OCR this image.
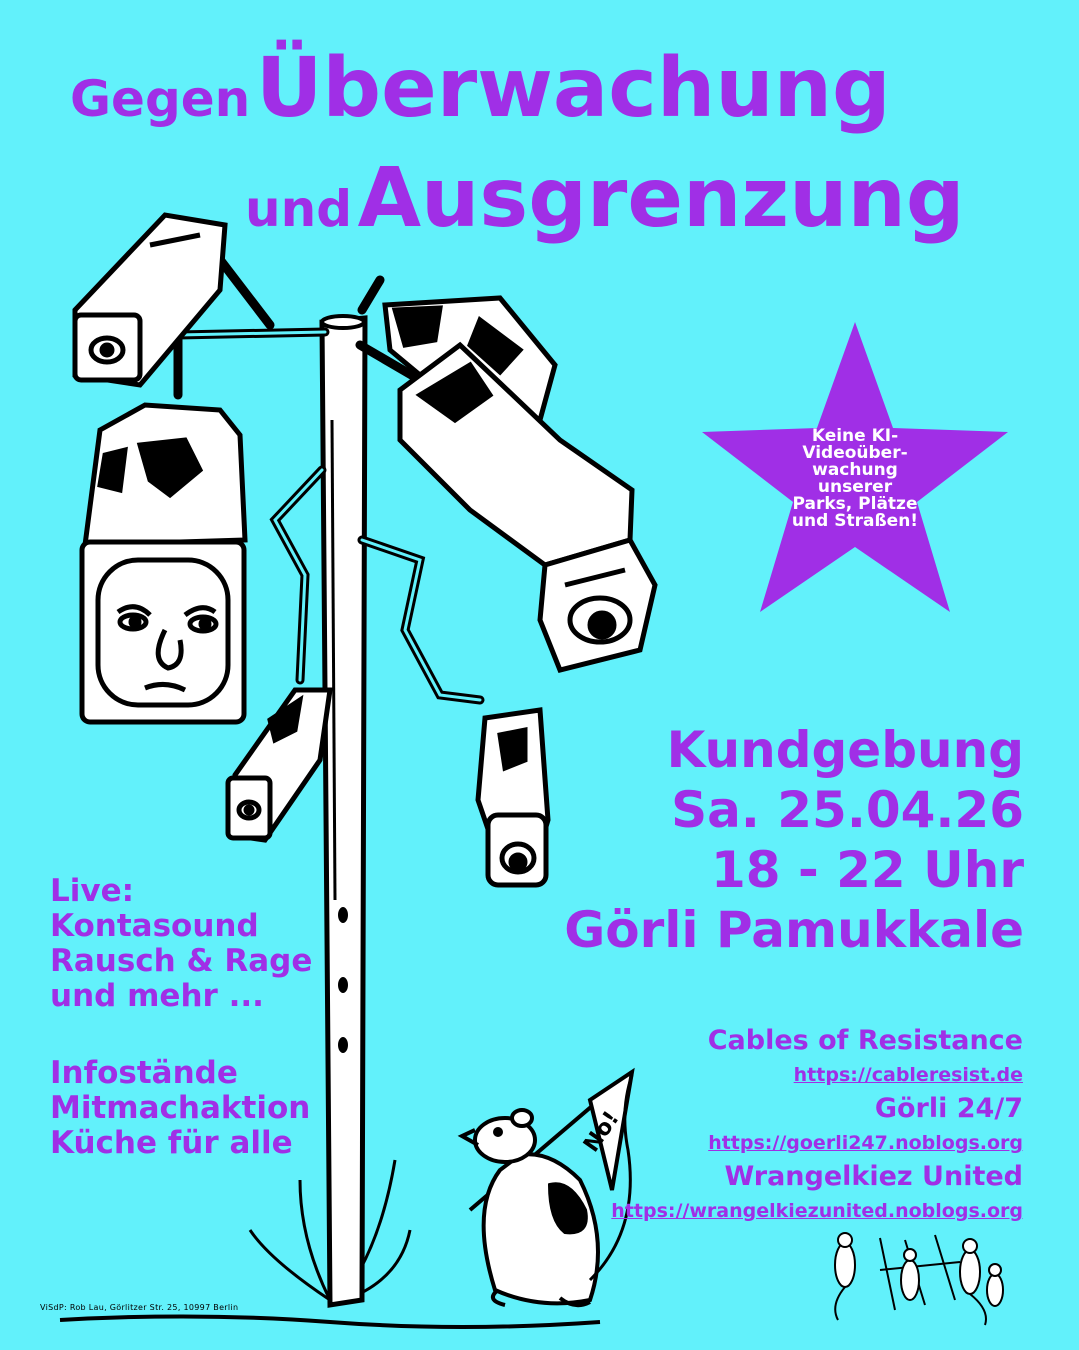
Gegen Überwachung
und Ausgrenzung
No!
Keine KI-
Videoüber-
wachung
unserer
Parks, Plätze
und Straßen!
Kundgebung
Sa. 25.04.26
18 - 22 Uhr
Görli Pamukkale
Live:
Kontasound
Rausch & Rage
und mehr ...
Infostände
Mitmachaktion
Küche für alle
Cables of Resistance
https://cableresist.de
Görli 24/7
https://goerli247.noblogs.org
Wrangelkiez United
https://wrangelkiezunited.noblogs.org
ViSdP: Rob Lau, Görlitzer Str. 25, 10997 Berlin
